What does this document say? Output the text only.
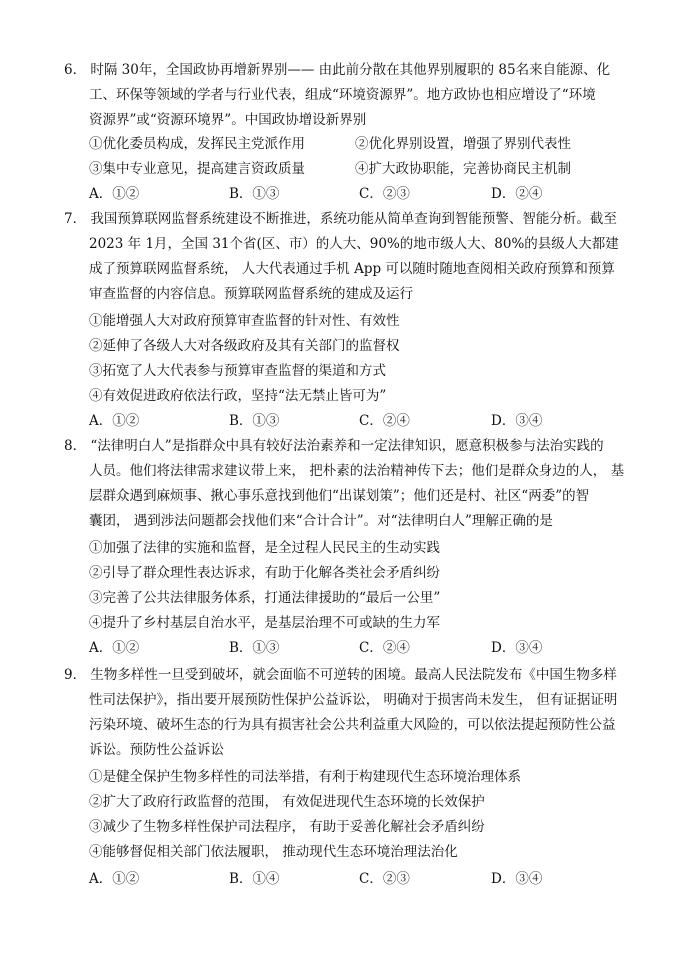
6． 时隔 30年，全国政协再增新界别—— 由此前分散在其他界别履职的 85名来自能源、化
工、环保等领域的学者与行业代表，组成“环境资源界”。地方政协也相应增设了“环境
资源界”或“资源环境界”。中国政协增设新界别
①优化委员构成，发挥民主党派作用	②优化界别设置，增强了界别代表性
③集中专业意见，提高建言资政质量	④扩大政协职能，完善协商民主机制
A．①②	B．①③	C．②③	D．②④
7． 我国预算联网监督系统建设不断推进，系统功能从简单查询到智能预警、智能分析。截至
2023 年 1月，全国 31个省(区、市）的人大、90%的地市级人大、80%的县级人大都建
成了预算联网监督系统， 人大代表通过手机 App 可以随时随地查阅相关政府预算和预算
审查监督的内容信息。预算联网监督系统的建成及运行
①能增强人大对政府预算审查监督的针对性、有效性
②延伸了各级人大对各级政府及其有关部门的监督权
③拓宽了人大代表参与预算审查监督的渠道和方式
④有效促进政府依法行政，坚持“法无禁止皆可为”
A．①②	B．①③	C．②④	D．③④
8． “法律明白人”是指群众中具有较好法治素养和一定法律知识，愿意积极参与法治实践的
人员。他们将法律需求建议带上来， 把朴素的法治精神传下去；他们是群众身边的人， 基
层群众遇到麻烦事、揪心事乐意找到他们“出谋划策”；他们还是村、社区“两委”的智
囊团， 遇到涉法问题都会找他们来“合计合计”。对“法律明白人”理解正确的是
①加强了法律的实施和监督，是全过程人民民主的生动实践
②引导了群众理性表达诉求，有助于化解各类社会矛盾纠纷
③完善了公共法律服务体系，打通法律援助的“最后一公里”
④提升了乡村基层自治水平，是基层治理不可或缺的生力军
A．①②	B．①③	C．②④	D．③④
9． 生物多样性一旦受到破坏，就会面临不可逆转的困境。最高人民法院发布《中国生物多样
性司法保护》，指出要开展预防性保护公益诉讼， 明确对于损害尚未发生， 但有证据证明
污染环境、破坏生态的行为具有损害社会公共利益重大风险的，可以依法提起预防性公益
诉讼。预防性公益诉讼
①是健全保护生物多样性的司法举措，有利于构建现代生态环境治理体系
②扩大了政府行政监督的范围， 有效促进现代生态环境的长效保护
③减少了生物多样性保护司法程序， 有助于妥善化解社会矛盾纠纷
④能够督促相关部门依法履职， 推动现代生态环境治理法治化
A．①②	B．①④	C．②③	D．③④
